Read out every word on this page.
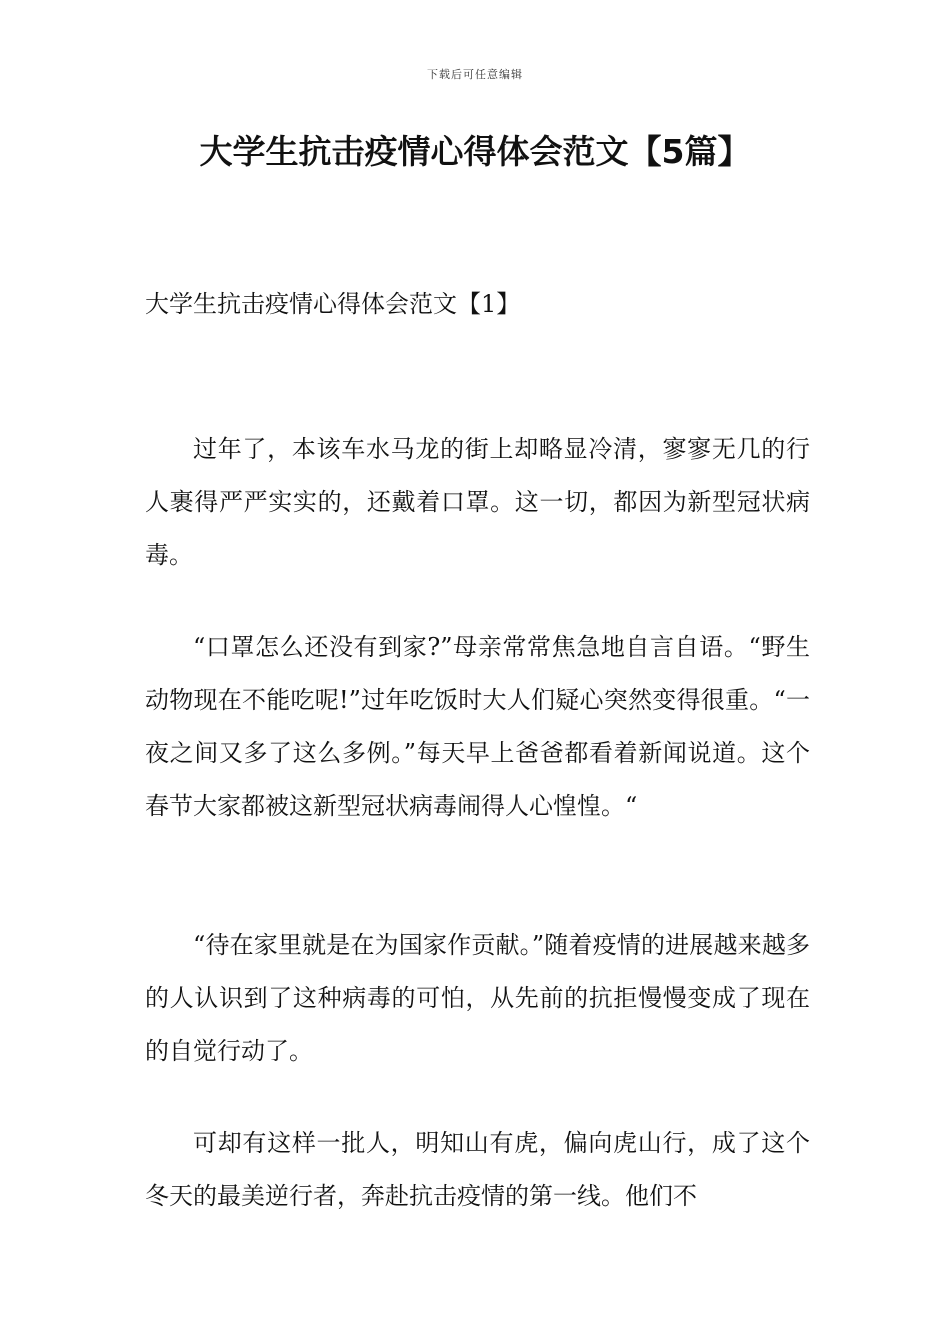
下载后可任意编辑
大学生抗击疫情心得体会范文【5篇】
大学生抗击疫情心得体会范文【1】

过年了，本该车水马龙的街上却略显冷清，寥寥无几的行人裹得严严实实的，还戴着口罩。这一切，都因为新型冠状病毒。

“口罩怎么还没有到家?”母亲常常焦急地自言自语。“野生动物现在不能吃呢!”过年吃饭时大人们疑心突然变得很重。“一夜之间又多了这么多例。”每天早上爸爸都看着新闻说道。这个春节大家都被这新型冠状病毒闹得人心惶惶。“

“待在家里就是在为国家作贡献。”随着疫情的进展越来越多的人认识到了这种病毒的可怕，从先前的抗拒慢慢变成了现在的自觉行动了。

可却有这样一批人，明知山有虎，偏向虎山行，成了这个冬天的最美逆行者，奔赴抗击疫情的第一线。他们不
